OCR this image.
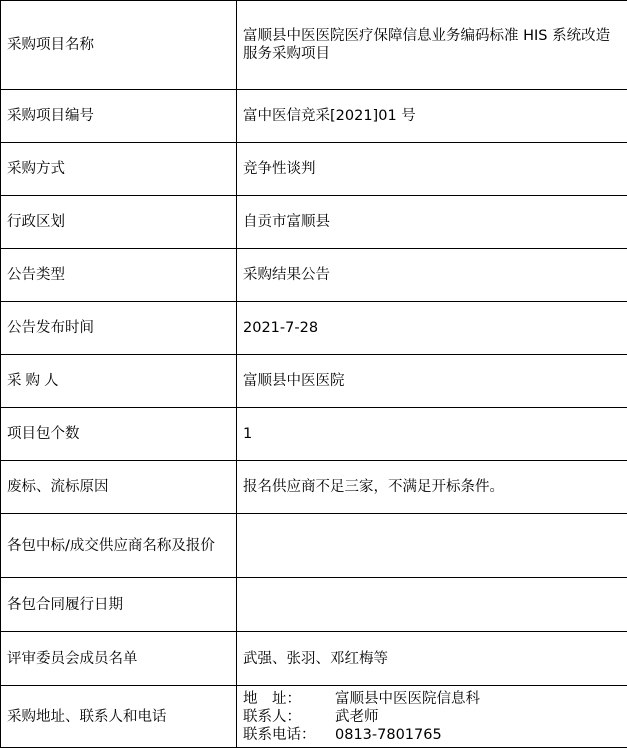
采购项目名称	富顺县中医医院医疗保障信息业务编码标准 HIS 系统改造服务采购项目
采购项目编号	富中医信竞采[2021]01 号
采购方式	竞争性谈判
行政区划	自贡市富顺县
公告类型	采购结果公告
公告发布时间	2021-7-28
采购人	富顺县中医医院
项目包个数	1
废标、流标原因	报名供应商不足三家，不满足开标条件。
各包中标/成交供应商名称及报价	
各包合同履行日期	
评审委员会成员名单	武强、张羽、邓红梅等
采购地址、联系人和电话	地　址： 富顺县中医医院信息科
联系人： 武老师
联系电话： 0813-7801765
